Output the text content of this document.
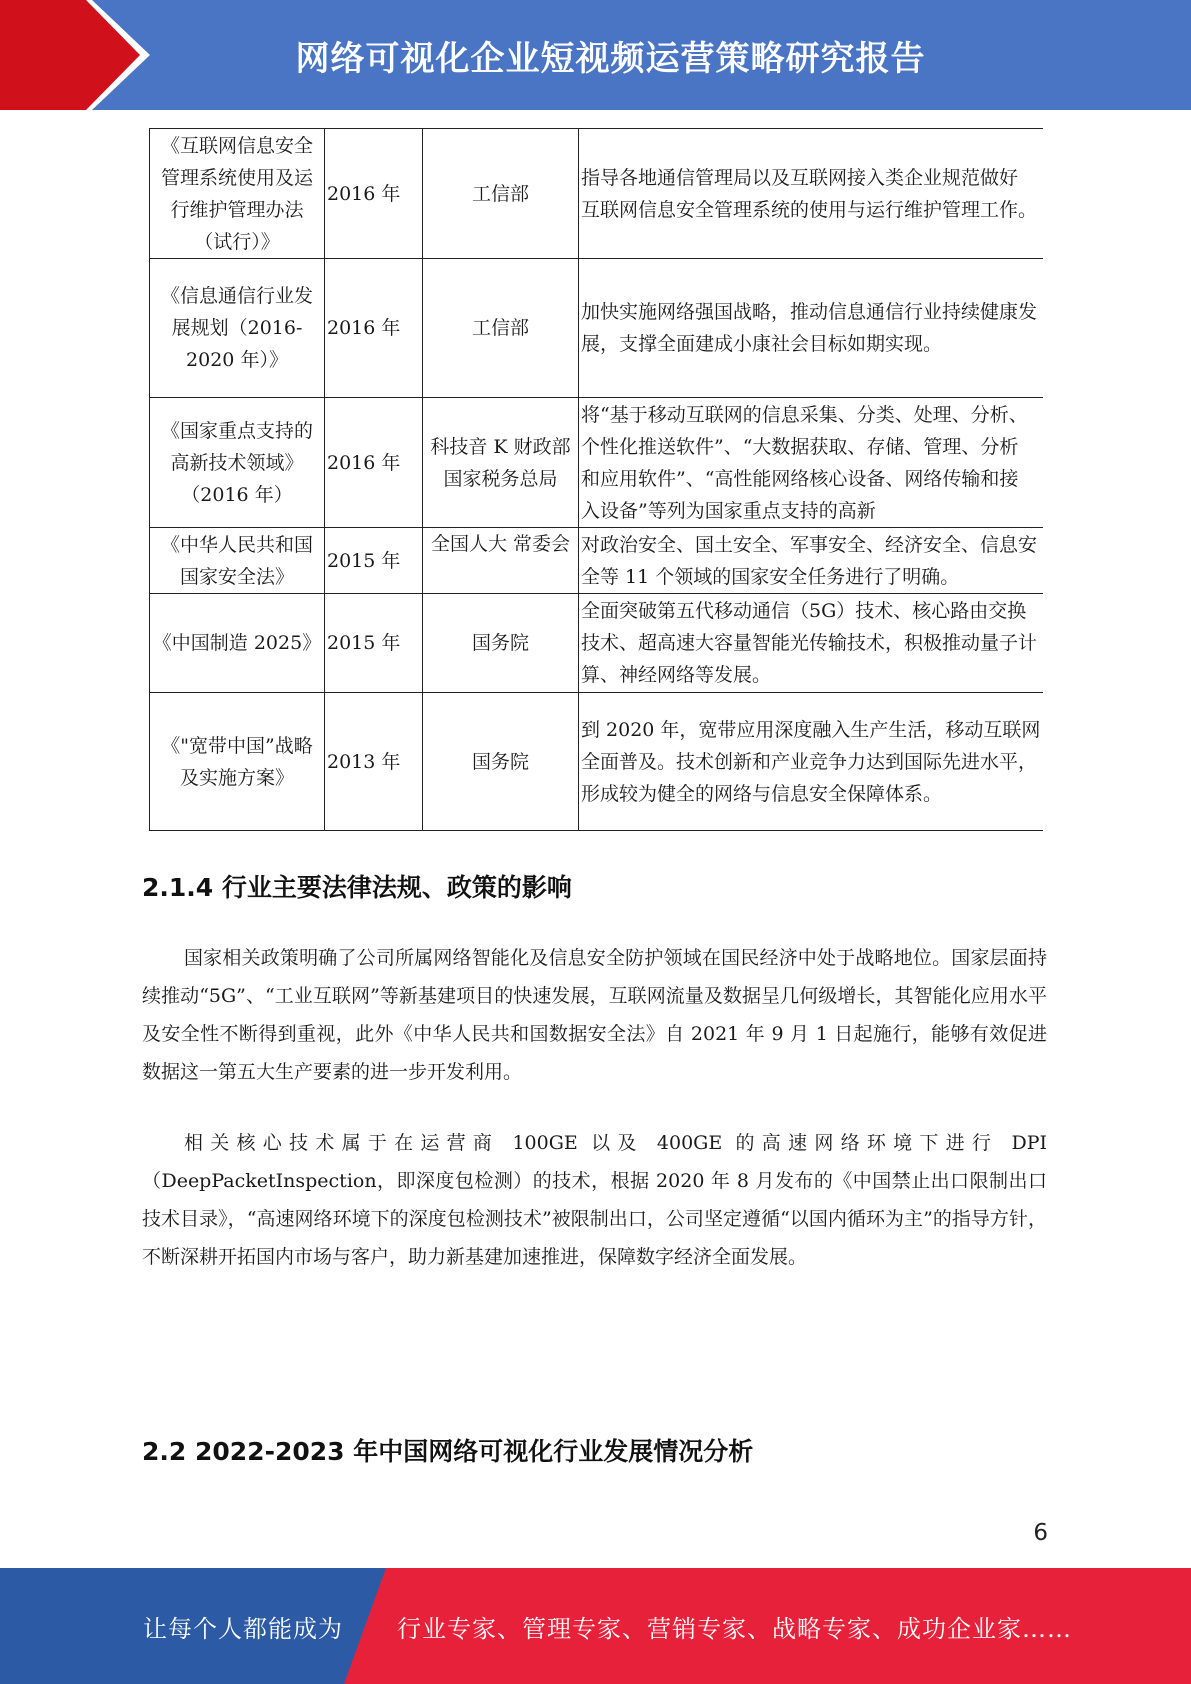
网络可视化企业短视频运营策略研究报告
《互联网信息安全管理系统使用及运行维护管理办法（试行）》	2016 年	工信部	指导各地通信管理局以及互联网接入类企业规范做好 互联网信息安全管理系统的使用与运行维护管理工作。
《信息通信行业发展规划（2016-2020 年）》	2016 年	工信部	加快实施网络强国战略，推动信息通信行业持续健康发 展，支撑全面建成小康社会目标如期实现。
《国家重点支持的高新技术领域》（2016 年）	2016 年	科技音 K 财政部国家税务总局	将“基于移动互联网的信息采集、分类、处理、分析、 个性化推送软件”、“大数据获取、存储、管理、分析 和应用软件”、“高性能网络核心设备、网络传输和接 入设备”等列为国家重点支持的高新
《中华人民共和国国家安全法》	2015 年	全国人大 常委会	对政治安全、国土安全、军事安全、经济安全、信息安 全等 11 个领域的国家安全任务进行了明确。
《中国制造 2025》	2015 年	国务院	全面突破第五代移动通信（5G）技术、核心路由交换 技术、超高速大容量智能光传输技术，积极推动量子计 算、神经网络等发展。
《"宽带中国”战略及实施方案》	2013 年	国务院	到 2020 年，宽带应用深度融入生产生活，移动互联网 全面普及。技术创新和产业竞争力达到国际先进水平， 形成较为健全的网络与信息安全保障体系。
2.1.4 行业主要法律法规、政策的影响

国家相关政策明确了公司所属网络智能化及信息安全防护领域在国民经济中处于战略地位。国家层面持续推动“5G”、“工业互联网”等新基建项目的快速发展，互联网流量及数据呈几何级增长，其智能化应用水平及安全性不断得到重视，此外《中华人民共和国数据安全法》自 2021 年 9 月 1 日起施行，能够有效促进数据这一第五大生产要素的进一步开发利用。

相关核心技术属于在运营商 100GE 以及 400GE 的高速网络环境下进行 DPI（DeepPacketInspection，即深度包检测）的技术，根据 2020 年 8 月发布的《中国禁止出口限制出口技术目录》，“高速网络环境下的深度包检测技术”被限制出口，公司坚定遵循“以国内循环为主”的指导方针，不断深耕开拓国内市场与客户，助力新基建加速推进，保障数字经济全面发展。

2.2 2022-2023 年中国网络可视化行业发展情况分析
6
让每个人都能成为 行业专家、管理专家、营销专家、战略专家、成功企业家……
